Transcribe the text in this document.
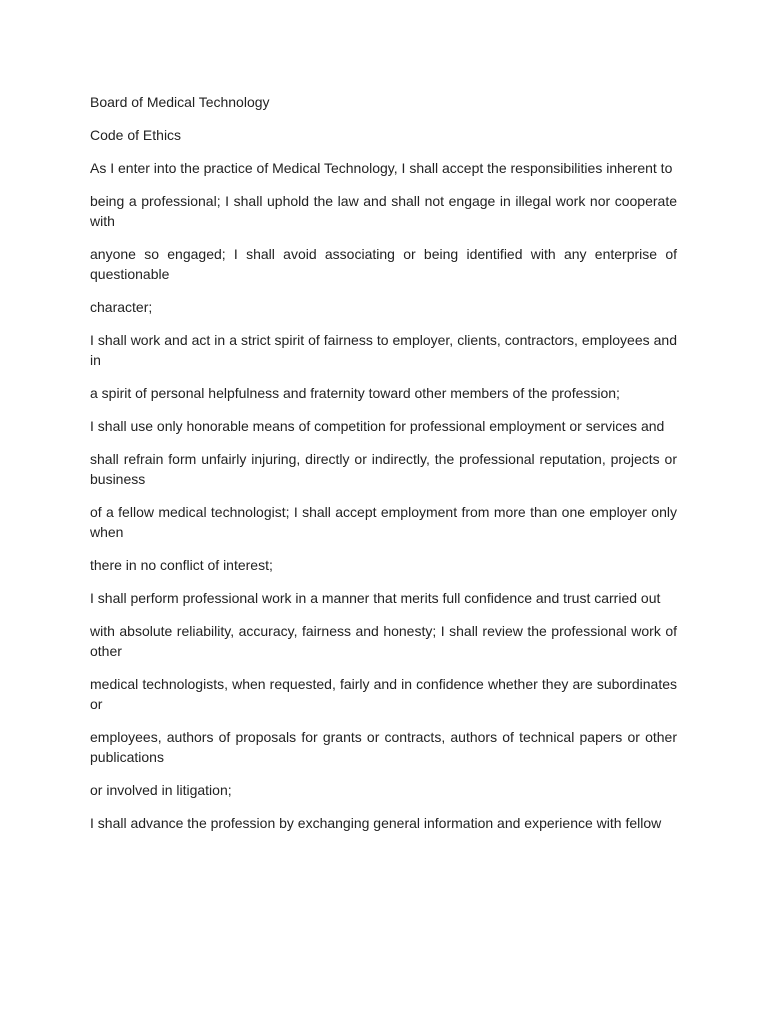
Board of Medical Technology

Code of Ethics

As I enter into the practice of Medical Technology, I shall accept the responsibilities inherent to

being a professional; I shall uphold the law and shall not engage in illegal work nor cooperate with

anyone so engaged; I shall avoid associating or being identified with any enterprise of questionable

character;

I shall work and act in a strict spirit of fairness to employer, clients, contractors, employees and in

a spirit of personal helpfulness and fraternity toward other members of the profession;

I shall use only honorable means of competition for professional employment or services and

shall refrain form unfairly injuring, directly or indirectly, the professional reputation, projects or business

of a fellow medical technologist; I shall accept employment from more than one employer only when

there in no conflict of interest;

I shall perform professional work in a manner that merits full confidence and trust carried out

with absolute reliability, accuracy, fairness and honesty; I shall review the professional work of other

medical technologists, when requested, fairly and in confidence whether they are subordinates or

employees, authors of proposals for grants or contracts, authors of technical papers or other publications

or involved in litigation;

I shall advance the profession by exchanging general information and experience with fellow
